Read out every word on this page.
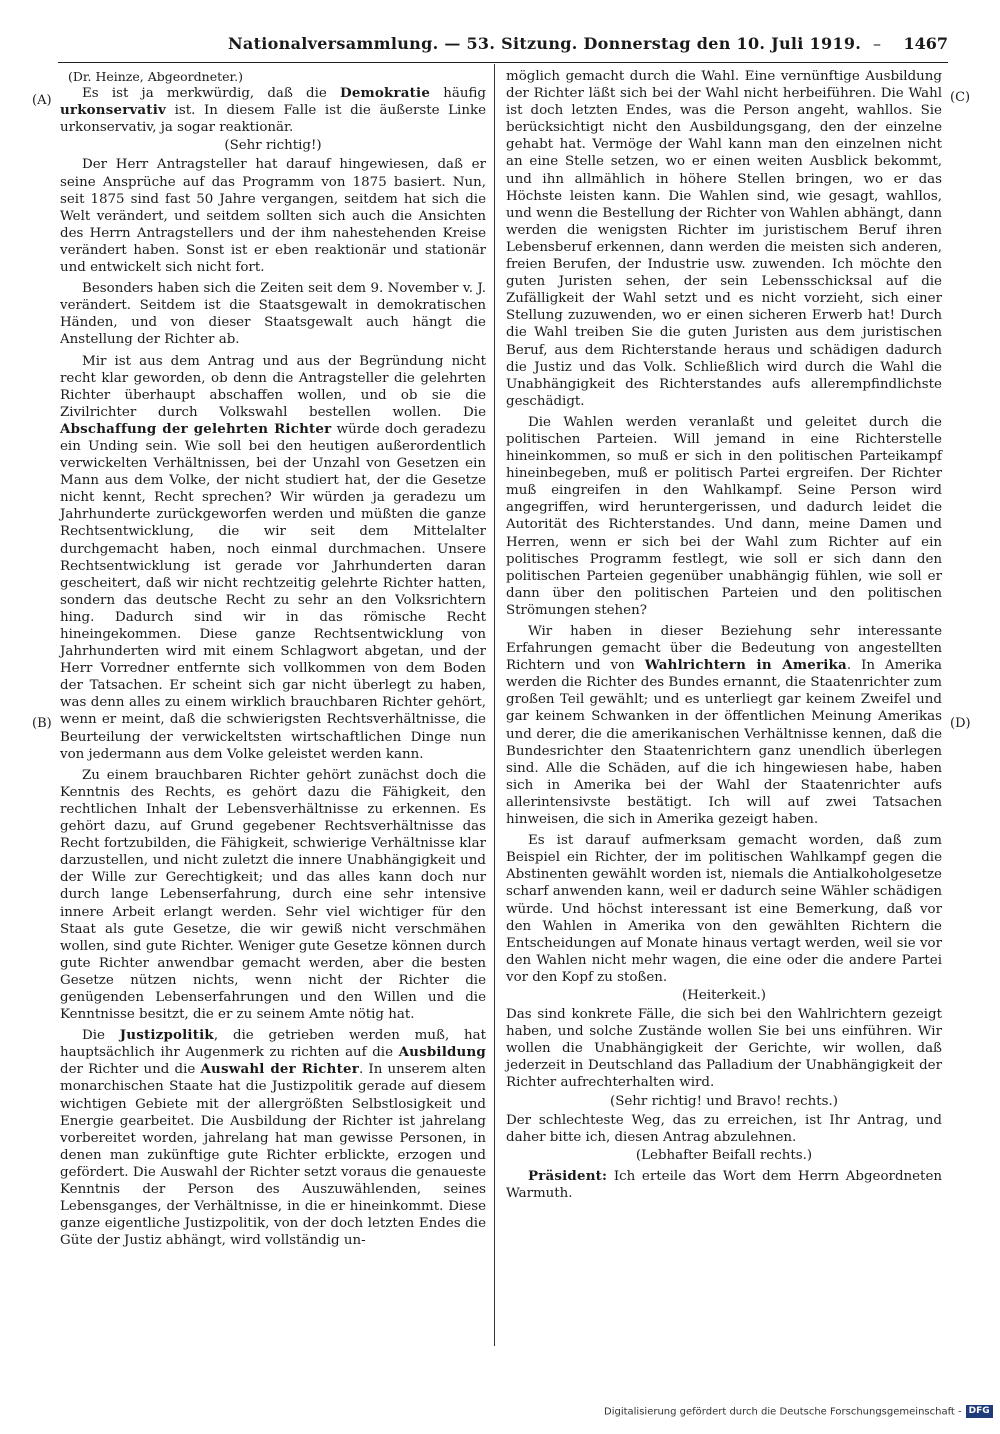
Nationalversammlung. — 53. Sitzung. Donnerstag den 10. Juli 1919. – 1467
(A)
(B)
(C)
(D)

(Dr. Heinze, Abgeordneter.)

Es ist ja merkwürdig, daß die Demokratie häufig urkonservativ ist. In diesem Falle ist die äußerste Linke urkonservativ, ja sogar reaktionär.

(Sehr richtig!)

Der Herr Antragsteller hat darauf hingewiesen, daß er seine Ansprüche auf das Programm von 1875 basiert. Nun, seit 1875 sind fast 50 Jahre vergangen, seitdem hat sich die Welt verändert, und seitdem sollten sich auch die Ansichten des Herrn Antragstellers und der ihm nahestehenden Kreise verändert haben. Sonst ist er eben reaktionär und stationär und entwickelt sich nicht fort.

Besonders haben sich die Zeiten seit dem 9. November v. J. verändert. Seitdem ist die Staatsgewalt in demokratischen Händen, und von dieser Staatsgewalt auch hängt die Anstellung der Richter ab.

Mir ist aus dem Antrag und aus der Begründung nicht recht klar geworden, ob denn die Antragsteller die gelehrten Richter überhaupt abschaffen wollen, und ob sie die Zivilrichter durch Volkswahl bestellen wollen. Die Abschaffung der gelehrten Richter würde doch geradezu ein Unding sein. Wie soll bei den heutigen außerordentlich verwickelten Verhältnissen, bei der Unzahl von Gesetzen ein Mann aus dem Volke, der nicht studiert hat, der die Gesetze nicht kennt, Recht sprechen? Wir würden ja geradezu um Jahrhunderte zurückgeworfen werden und müßten die ganze Rechtsentwicklung, die wir seit dem Mittelalter durchgemacht haben, noch einmal durchmachen. Unsere Rechtsentwicklung ist gerade vor Jahrhunderten daran gescheitert, daß wir nicht rechtzeitig gelehrte Richter hatten, sondern das deutsche Recht zu sehr an den Volksrichtern hing. Dadurch sind wir in das römische Recht hineingekommen. Diese ganze Rechtsentwicklung von Jahrhunderten wird mit einem Schlagwort abgetan, und der Herr Vorredner entfernte sich vollkommen von dem Boden der Tatsachen. Er scheint sich gar nicht überlegt zu haben, was denn alles zu einem wirklich brauchbaren Richter gehört, wenn er meint, daß die schwierigsten Rechtsverhältnisse, die Beurteilung der verwickeltsten wirtschaftlichen Dinge nun von jedermann aus dem Volke geleistet werden kann.

Zu einem brauchbaren Richter gehört zunächst doch die Kenntnis des Rechts, es gehört dazu die Fähigkeit, den rechtlichen Inhalt der Lebensverhältnisse zu erkennen. Es gehört dazu, auf Grund gegebener Rechtsverhältnisse das Recht fortzubilden, die Fähigkeit, schwierige Verhältnisse klar darzustellen, und nicht zuletzt die innere Unabhängigkeit und der Wille zur Gerechtigkeit; und das alles kann doch nur durch lange Lebenserfahrung, durch eine sehr intensive innere Arbeit erlangt werden. Sehr viel wichtiger für den Staat als gute Gesetze, die wir gewiß nicht verschmähen wollen, sind gute Richter. Weniger gute Gesetze können durch gute Richter anwendbar gemacht werden, aber die besten Gesetze nützen nichts, wenn nicht der Richter die genügenden Lebenserfahrungen und den Willen und die Kenntnisse besitzt, die er zu seinem Amte nötig hat.

Die Justizpolitik, die getrieben werden muß, hat hauptsächlich ihr Augenmerk zu richten auf die Ausbildung der Richter und die Auswahl der Richter. In unserem alten monarchischen Staate hat die Justizpolitik gerade auf diesem wichtigen Gebiete mit der allergrößten Selbstlosigkeit und Energie gearbeitet. Die Ausbildung der Richter ist jahrelang vorbereitet worden, jahrelang hat man gewisse Personen, in denen man zukünftige gute Richter erblickte, erzogen und gefördert. Die Auswahl der Richter setzt voraus die genaueste Kenntnis der Person des Auszuwählenden, seines Lebensganges, der Verhältnisse, in die er hineinkommt. Diese ganze eigentliche Justizpolitik, von der doch letzten Endes die Güte der Justiz abhängt, wird vollständig un-

möglich gemacht durch die Wahl. Eine vernünftige Ausbildung der Richter läßt sich bei der Wahl nicht herbeiführen. Die Wahl ist doch letzten Endes, was die Person angeht, wahllos. Sie berücksichtigt nicht den Ausbildungsgang, den der einzelne gehabt hat. Vermöge der Wahl kann man den einzelnen nicht an eine Stelle setzen, wo er einen weiten Ausblick bekommt, und ihn allmählich in höhere Stellen bringen, wo er das Höchste leisten kann. Die Wahlen sind, wie gesagt, wahllos, und wenn die Bestellung der Richter von Wahlen abhängt, dann werden die wenigsten Richter im juristischem Beruf ihren Lebensberuf erkennen, dann werden die meisten sich anderen, freien Berufen, der Industrie usw. zuwenden. Ich möchte den guten Juristen sehen, der sein Lebensschicksal auf die Zufälligkeit der Wahl setzt und es nicht vorzieht, sich einer Stellung zuzuwenden, wo er einen sicheren Erwerb hat! Durch die Wahl treiben Sie die guten Juristen aus dem juristischen Beruf, aus dem Richterstande heraus und schädigen dadurch die Justiz und das Volk. Schließlich wird durch die Wahl die Unabhängigkeit des Richterstandes aufs allerempfindlichste geschädigt.

Die Wahlen werden veranlaßt und geleitet durch die politischen Parteien. Will jemand in eine Richterstelle hineinkommen, so muß er sich in den politischen Parteikampf hineinbegeben, muß er politisch Partei ergreifen. Der Richter muß eingreifen in den Wahlkampf. Seine Person wird angegriffen, wird heruntergerissen, und dadurch leidet die Autorität des Richterstandes. Und dann, meine Damen und Herren, wenn er sich bei der Wahl zum Richter auf ein politisches Programm festlegt, wie soll er sich dann den politischen Parteien gegenüber unabhängig fühlen, wie soll er dann über den politischen Parteien und den politischen Strömungen stehen?

Wir haben in dieser Beziehung sehr interessante Erfahrungen gemacht über die Bedeutung von angestellten Richtern und von Wahlrichtern in Amerika. In Amerika werden die Richter des Bundes ernannt, die Staatenrichter zum großen Teil gewählt; und es unterliegt gar keinem Zweifel und gar keinem Schwanken in der öffentlichen Meinung Amerikas und derer, die die amerikanischen Verhältnisse kennen, daß die Bundesrichter den Staatenrichtern ganz unendlich überlegen sind. Alle die Schäden, auf die ich hingewiesen habe, haben sich in Amerika bei der Wahl der Staatenrichter aufs allerintensivste bestätigt. Ich will auf zwei Tatsachen hinweisen, die sich in Amerika gezeigt haben.

Es ist darauf aufmerksam gemacht worden, daß zum Beispiel ein Richter, der im politischen Wahlkampf gegen die Abstinenten gewählt worden ist, niemals die Antialkoholgesetze scharf anwenden kann, weil er dadurch seine Wähler schädigen würde. Und höchst interessant ist eine Bemerkung, daß vor den Wahlen in Amerika von den gewählten Richtern die Entscheidungen auf Monate hinaus vertagt werden, weil sie vor den Wahlen nicht mehr wagen, die eine oder die andere Partei vor den Kopf zu stoßen.

(Heiterkeit.)

Das sind konkrete Fälle, die sich bei den Wahlrichtern gezeigt haben, und solche Zustände wollen Sie bei uns einführen. Wir wollen die Unabhängigkeit der Gerichte, wir wollen, daß jederzeit in Deutschland das Palladium der Unabhängigkeit der Richter aufrechterhalten wird.

(Sehr richtig! und Bravo! rechts.)

Der schlechteste Weg, das zu erreichen, ist Ihr Antrag, und daher bitte ich, diesen Antrag abzulehnen.

(Lebhafter Beifall rechts.)

Präsident: Ich erteile das Wort dem Herrn Abgeordneten Warmuth.

Digitalisierung gefördert durch die Deutsche Forschungsgemeinschaft - DFG
